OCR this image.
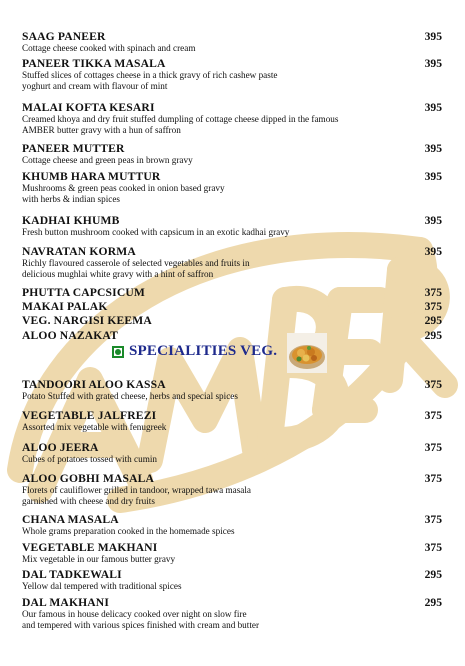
SAAG PANEER	395
Cottage cheese cooked with spinach and cream
PANEER TIKKA MASALA	395
Stuffed slices of cottages cheese in a thick gravy of rich cashew paste
yoghurt and cream with flavour of mint
MALAI KOFTA KESARI	395
Creamed khoya and dry fruit stuffed dumpling of cottage cheese dipped in the famous
AMBER butter gravy with a hun of saffron
PANEER MUTTER	395
Cottage cheese and green peas in brown gravy
KHUMB HARA MUTTUR	395
Mushrooms & green peas cooked in onion based gravy
with herbs & indian spices
KADHAI KHUMB	395
Fresh button mushroom cooked with capsicum in an exotic kadhai gravy
NAVRATAN KORMA	395
Richly flavoured casserole of selected vegetables and fruits in
delicious mughlai white gravy with a hint of saffron
PHUTTA CAPCSICUM	375
MAKAI PALAK	375
VEG. NARGISI KEEMA	295
ALOO NAZAKAT	295
SPECIALITIES VEG.
TANDOORI ALOO KASSA	375
Potato Stuffed with grated cheese, herbs and special spices
VEGETABLE JALFREZI	375
Assorted mix vegetable with fenugreek
ALOO JEERA	375
Cubes of potatoes tossed with cumin
ALOO GOBHI MASALA	375
Florets of cauliflower grilled in tandoor, wrapped tawa masala
garnished with cheese and dry fruits
CHANA MASALA	375
Whole grams preparation cooked in the homemade spices
VEGETABLE MAKHANI	375
Mix vegetable in our famous butter gravy
DAL TADKEWALI	295
Yellow dal tempered with traditional spices
DAL MAKHANI	295
Our famous in house delicacy cooked over night on slow fire
and tempered with various spices finished with cream and butter
